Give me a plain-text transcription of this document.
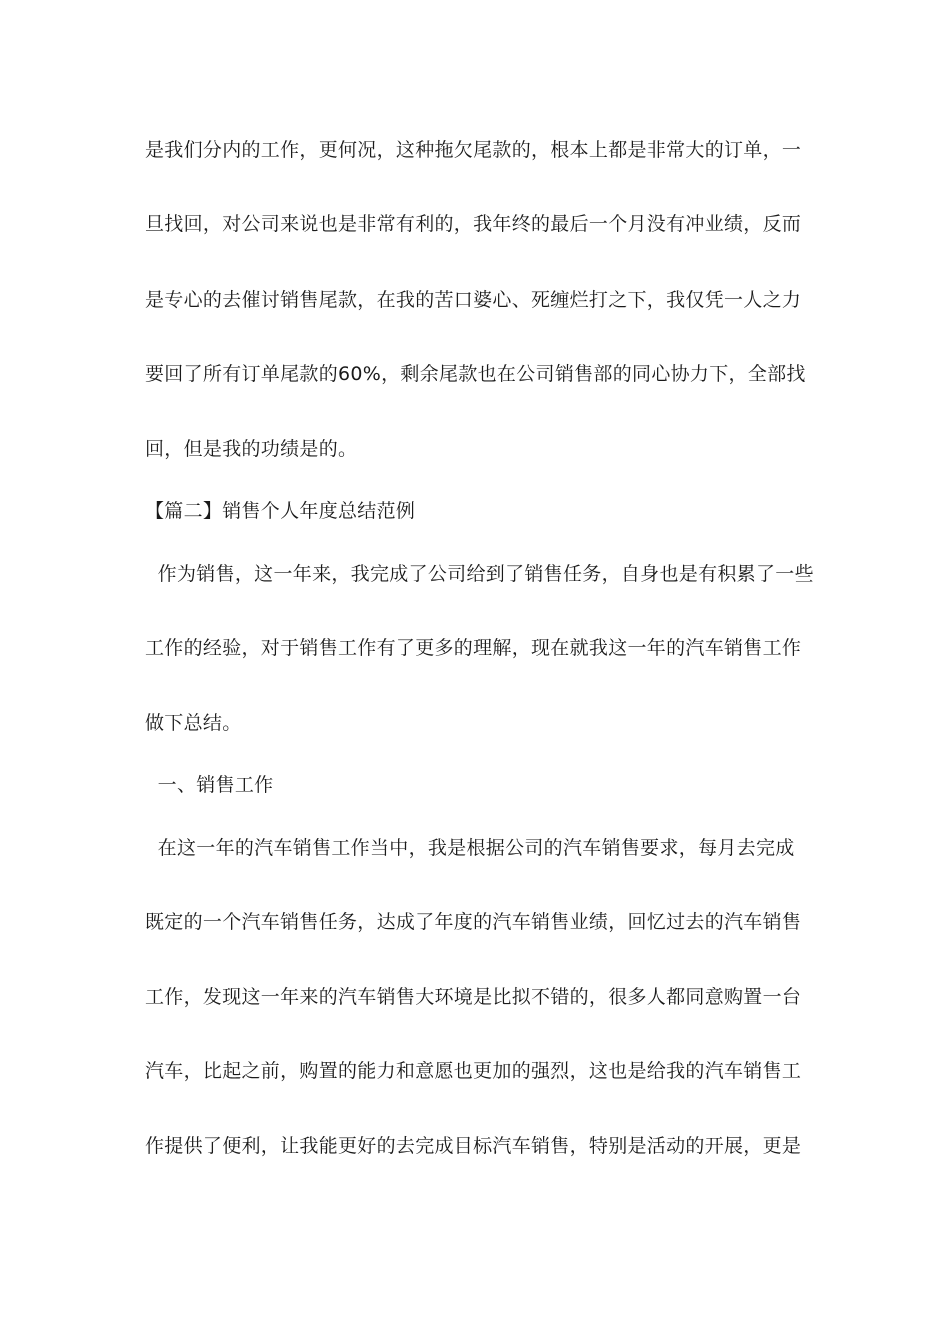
是我们分内的工作，更何况，这种拖欠尾款的，根本上都是非常大的订单，一

旦找回，对公司来说也是非常有利的，我年终的最后一个月没有冲业绩，反而

是专心的去催讨销售尾款，在我的苦口婆心、死缠烂打之下，我仅凭一人之力

要回了所有订单尾款的60%，剩余尾款也在公司销售部的同心协力下，全部找

回，但是我的功绩是的。

【篇二】销售个人年度总结范例

作为销售，这一年来，我完成了公司给到了销售任务，自身也是有积累了一些

工作的经验，对于销售工作有了更多的理解，现在就我这一年的汽车销售工作

做下总结。

一、销售工作

在这一年的汽车销售工作当中，我是根据公司的汽车销售要求，每月去完成

既定的一个汽车销售任务，达成了年度的汽车销售业绩，回忆过去的汽车销售

工作，发现这一年来的汽车销售大环境是比拟不错的，很多人都同意购置一台

汽车，比起之前，购置的能力和意愿也更加的强烈，这也是给我的汽车销售工

作提供了便利，让我能更好的去完成目标汽车销售，特别是活动的开展，更是
